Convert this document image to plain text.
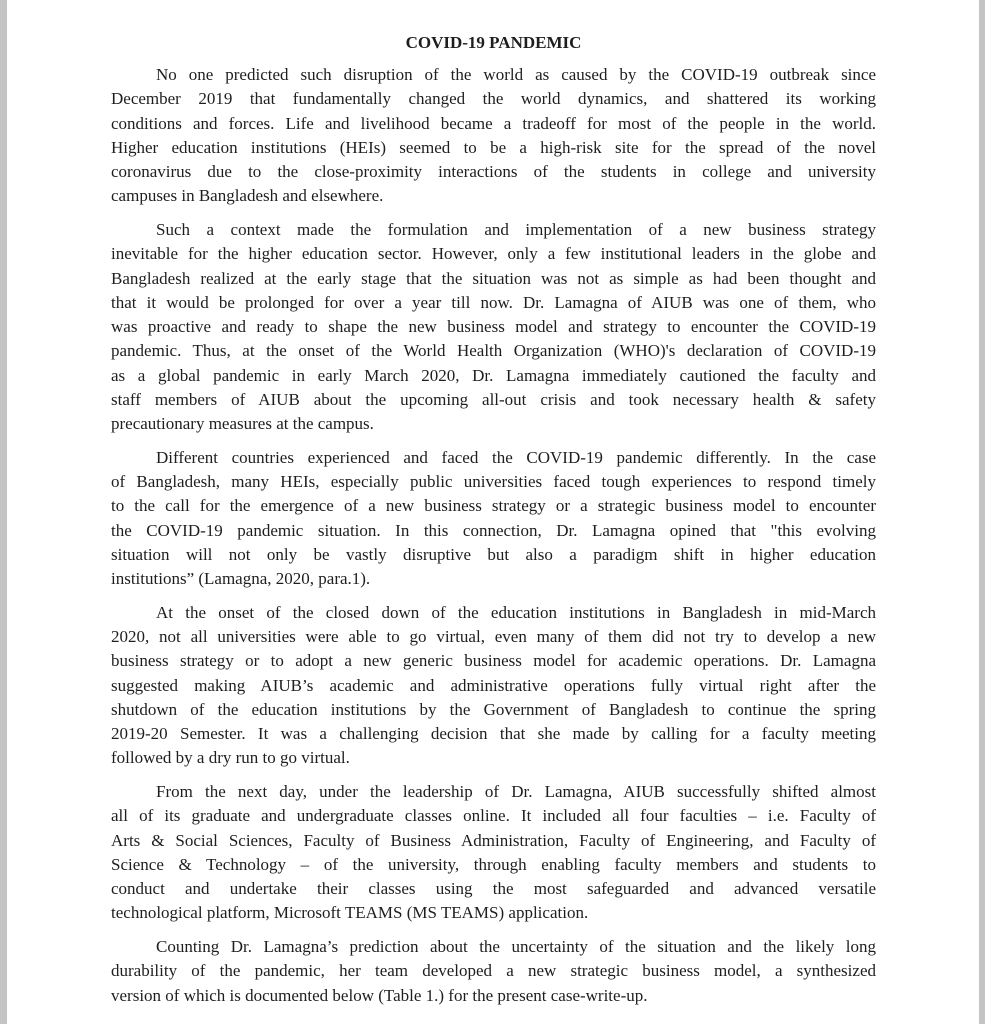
COVID-19 PANDEMIC
No one predicted such disruption of the world as caused by the COVID-19 outbreak since
December 2019 that fundamentally changed the world dynamics, and shattered its working
conditions and forces. Life and livelihood became a tradeoff for most of the people in the world.
Higher education institutions (HEIs) seemed to be a high-risk site for the spread of the novel
coronavirus due to the close-proximity interactions of the students in college and university
campuses in Bangladesh and elsewhere.
Such a context made the formulation and implementation of a new business strategy
inevitable for the higher education sector. However, only a few institutional leaders in the globe and
Bangladesh realized at the early stage that the situation was not as simple as had been thought and
that it would be prolonged for over a year till now. Dr. Lamagna of AIUB was one of them, who
was proactive and ready to shape the new business model and strategy to encounter the COVID-19
pandemic. Thus, at the onset of the World Health Organization (WHO)'s declaration of COVID-19
as a global pandemic in early March 2020, Dr. Lamagna immediately cautioned the faculty and
staff members of AIUB about the upcoming all-out crisis and took necessary health & safety
precautionary measures at the campus.
Different countries experienced and faced the COVID-19 pandemic differently. In the case
of Bangladesh, many HEIs, especially public universities faced tough experiences to respond timely
to the call for the emergence of a new business strategy or a strategic business model to encounter
the COVID-19 pandemic situation. In this connection, Dr. Lamagna opined that "this evolving
situation will not only be vastly disruptive but also a paradigm shift in higher education
institutions” (Lamagna, 2020, para.1).
At the onset of the closed down of the education institutions in Bangladesh in mid-March
2020, not all universities were able to go virtual, even many of them did not try to develop a new
business strategy or to adopt a new generic business model for academic operations. Dr. Lamagna
suggested making AIUB’s academic and administrative operations fully virtual right after the
shutdown of the education institutions by the Government of Bangladesh to continue the spring
2019-20 Semester. It was a challenging decision that she made by calling for a faculty meeting
followed by a dry run to go virtual.
From the next day, under the leadership of Dr. Lamagna, AIUB successfully shifted almost
all of its graduate and undergraduate classes online. It included all four faculties – i.e. Faculty of
Arts & Social Sciences, Faculty of Business Administration, Faculty of Engineering, and Faculty of
Science & Technology – of the university, through enabling faculty members and students to
conduct and undertake their classes using the most safeguarded and advanced versatile
technological platform, Microsoft TEAMS (MS TEAMS) application.
Counting Dr. Lamagna’s prediction about the uncertainty of the situation and the likely long
durability of the pandemic, her team developed a new strategic business model, a synthesized
version of which is documented below (Table 1.) for the present case-write-up.
